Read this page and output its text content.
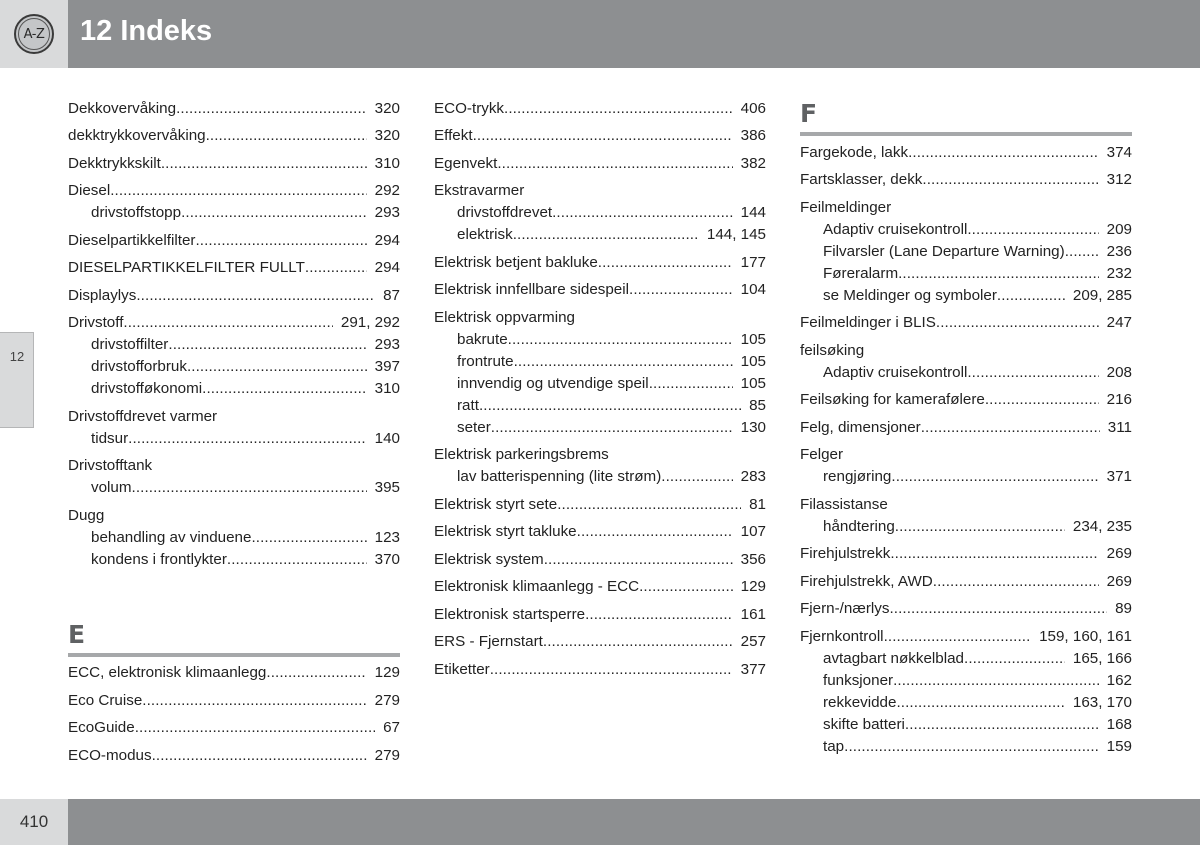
A-Z 12 Indeks
12
Dekkovervåking .....	320
dekktrykkovervåking .....	320
Dekktrykkskilt .....	310
Diesel .....	292
drivstoffstopp .....	293
Dieselpartikkelfilter .....	294
DIESELPARTIKKELFILTER FULLT .....	294
Displaylys .....	87
Drivstoff .....	291, 292
drivstoffilter .....	293
drivstofforbruk .....	397
drivstofføkonomi .....	310
Drivstoffdrevet varmer
tidsur .....	140
Drivstofftank
volum .....	395
Dugg
behandling av vinduene .....	123
kondens i frontlykter .....	370
E
ECC, elektronisk klimaanlegg .....	129
Eco Cruise .....	279
EcoGuide .....	67
ECO-modus .....	279
ECO-trykk .....	406
Effekt .....	386
Egenvekt .....	382
Ekstravarmer
drivstoffdrevet .....	144
elektrisk .....	144, 145
Elektrisk betjent bakluke .....	177
Elektrisk innfellbare sidespeil .....	104
Elektrisk oppvarming
bakrute .....	105
frontrute .....	105
innvendig og utvendige speil .....	105
ratt .....	85
seter .....	130
Elektrisk parkeringsbrems
lav batterispenning (lite strøm) .....	283
Elektrisk styrt sete .....	81
Elektrisk styrt takluke .....	107
Elektrisk system .....	356
Elektronisk klimaanlegg - ECC .....	129
Elektronisk startsperre .....	161
ERS - Fjernstart .....	257
Etiketter .....	377
F
Fargekode, lakk .....	374
Fartsklasser, dekk .....	312
Feilmeldinger
Adaptiv cruisekontroll .....	209
Filvarsler (Lane Departure Warning) .....	236
Føreralarm .....	232
se Meldinger og symboler .....	209, 285
Feilmeldinger i BLIS .....	247
feilsøking
Adaptiv cruisekontroll .....	208
Feilsøking for kamerafølere .....	216
Felg, dimensjoner .....	311
Felger
rengjøring .....	371
Filassistanse
håndtering .....	234, 235
Firehjulstrekk .....	269
Firehjulstrekk, AWD .....	269
Fjern-/nærlys .....	89
Fjernkontroll .....	159, 160, 161
avtagbart nøkkelblad .....	165, 166
funksjoner .....	162
rekkevidde .....	163, 170
skifte batteri .....	168
tap .....	159
410
